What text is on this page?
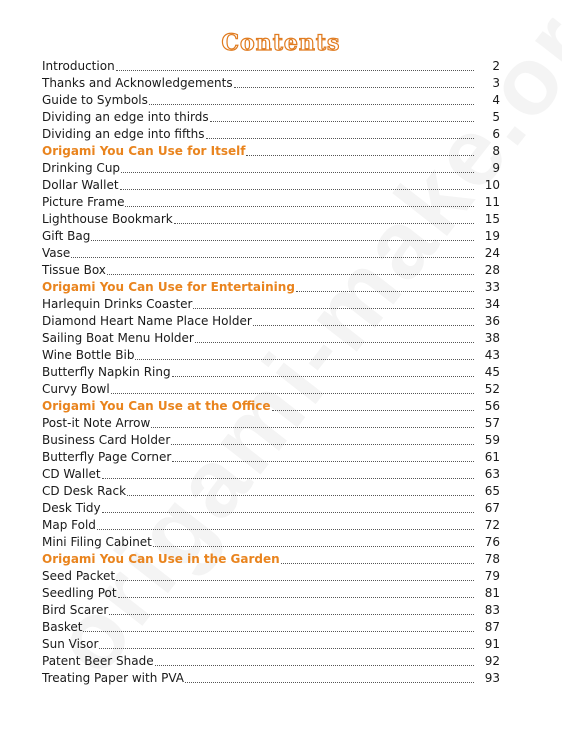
Contents
Introduction	2
Thanks and Acknowledgements	3
Guide to Symbols	4
Dividing an edge into thirds	5
Dividing an edge into fifths	6
Origami You Can Use for Itself	8
Drinking Cup	9
Dollar Wallet	10
Picture Frame	11
Lighthouse Bookmark	15
Gift Bag	19
Vase	24
Tissue Box	28
Origami You Can Use for Entertaining	33
Harlequin Drinks Coaster	34
Diamond Heart Name Place Holder	36
Sailing Boat Menu Holder	38
Wine Bottle Bib	43
Butterfly Napkin Ring	45
Curvy Bowl	52
Origami You Can Use at the Office	56
Post-it Note Arrow	57
Business Card Holder	59
Butterfly Page Corner	61
CD Wallet	63
CD Desk Rack	65
Desk Tidy	67
Map Fold	72
Mini Filing Cabinet	76
Origami You Can Use in the Garden	78
Seed Packet	79
Seedling Pot	81
Bird Scarer	83
Basket	87
Sun Visor	91
Patent Beer Shade	92
Treating Paper with PVA	93
